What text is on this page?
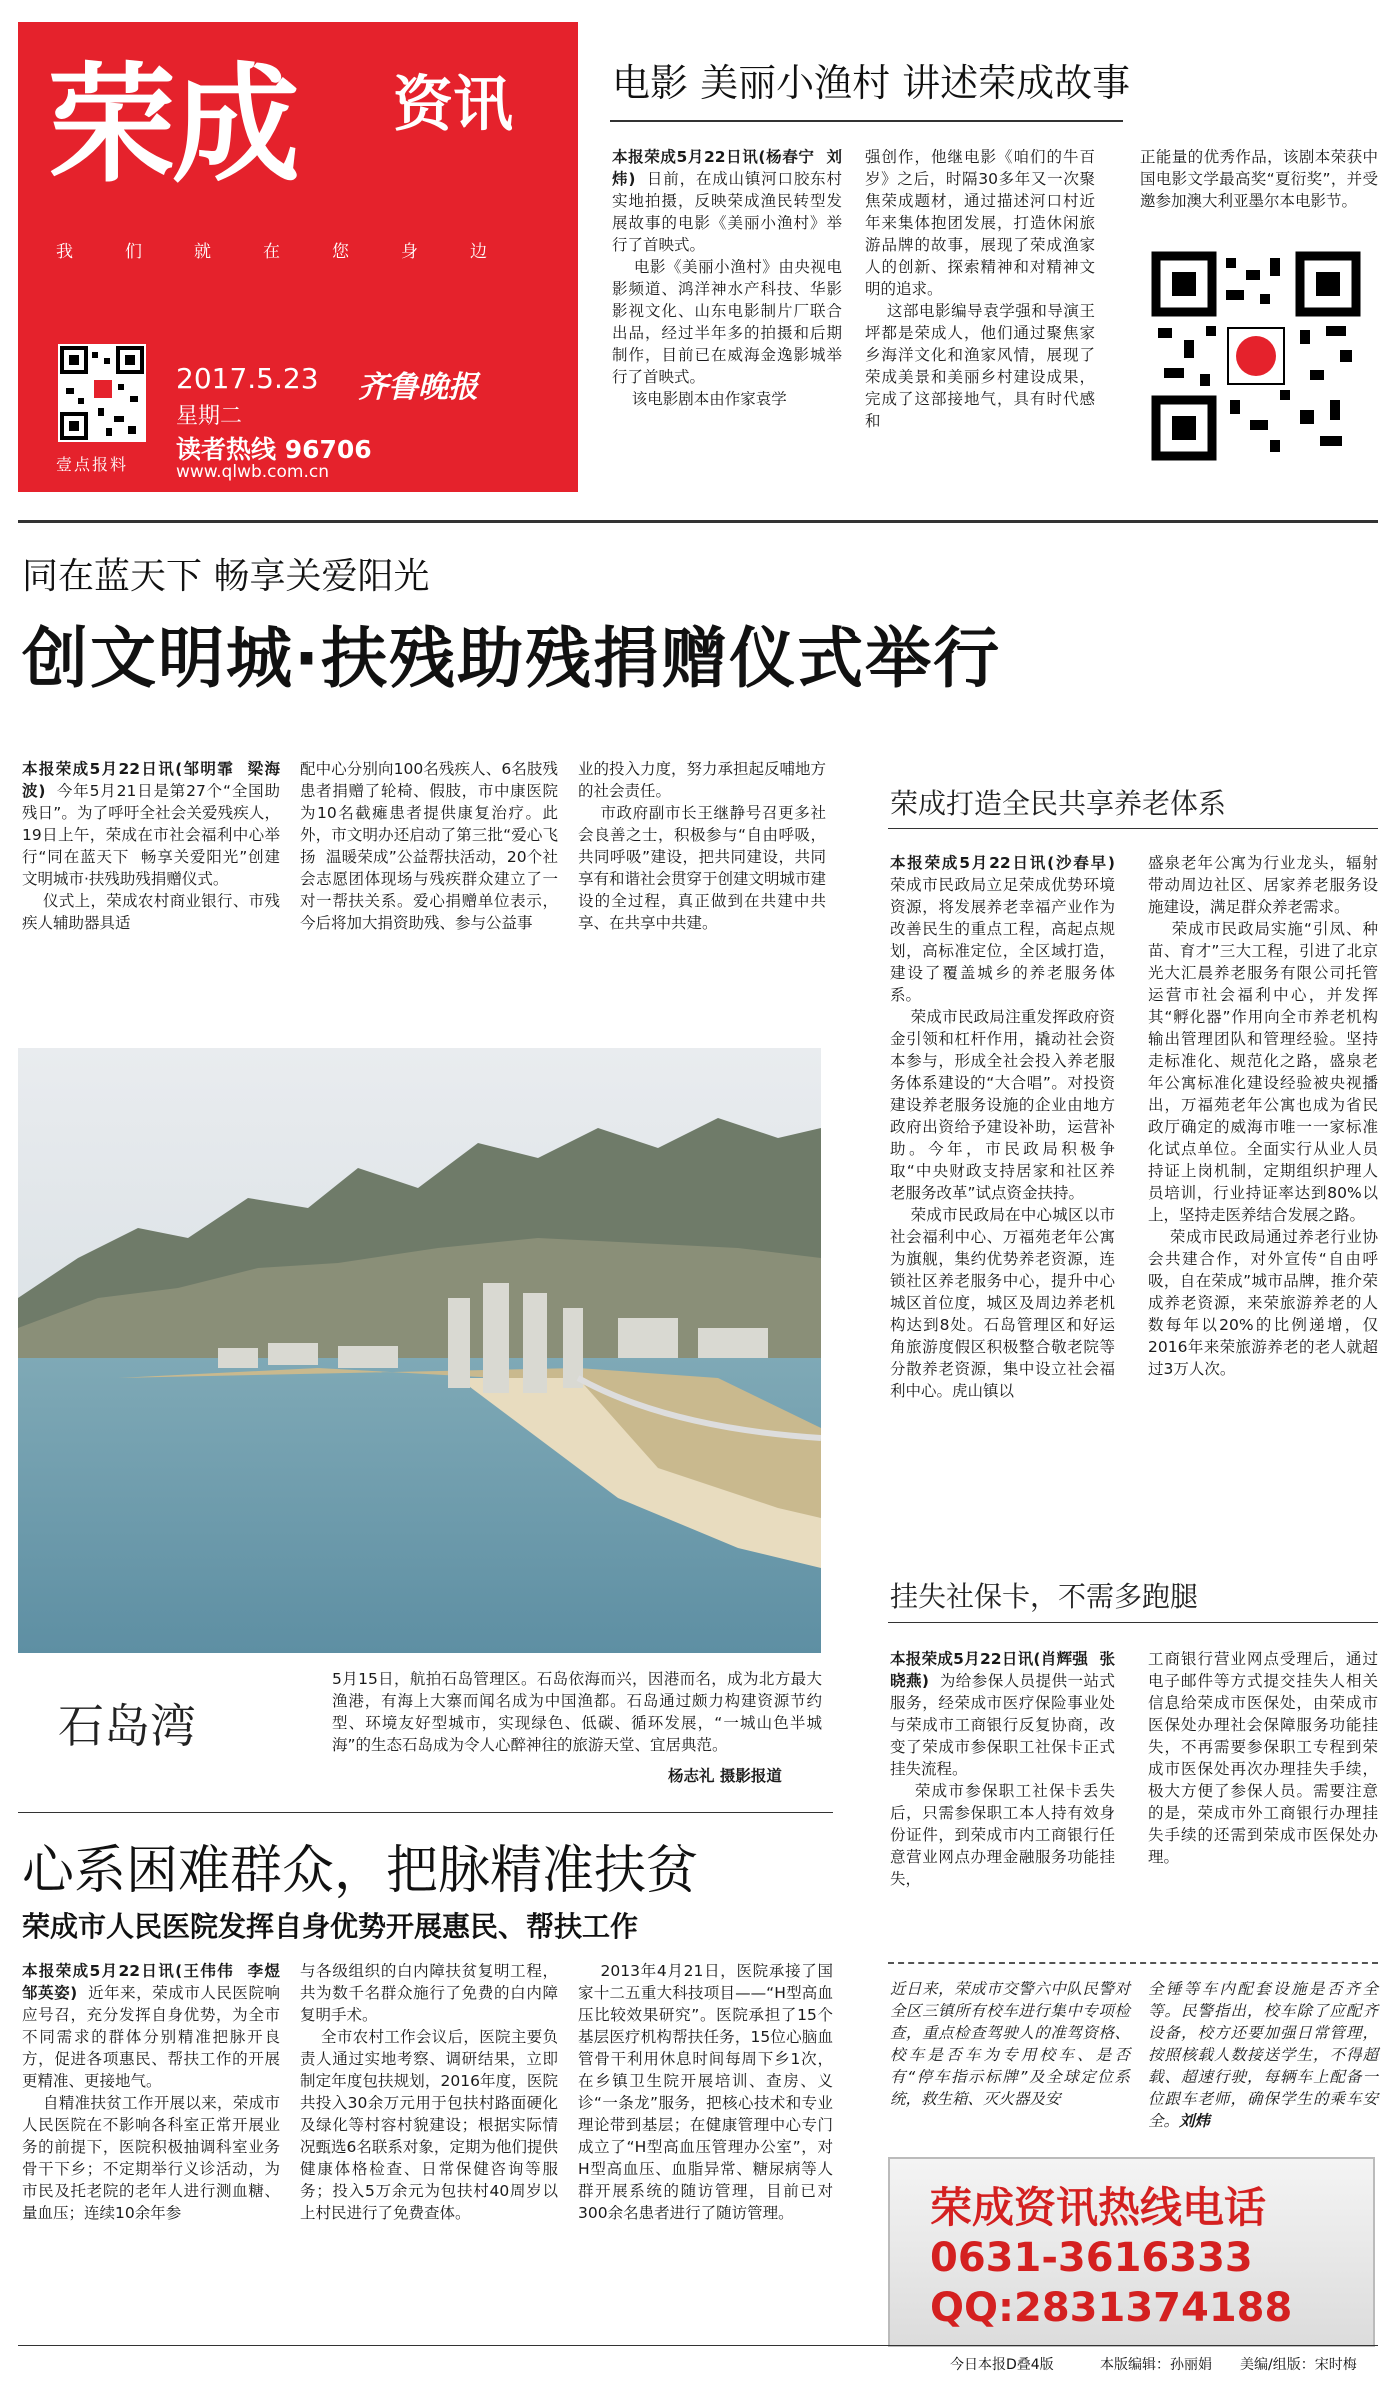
荣成 资讯
我们就在您身边
壹点报料
2017.5.23
星期二
齐鲁晚报
读者热线 96706
www.qlwb.com.cn
电影 美丽小渔村 讲述荣成故事
本报荣成5月22日讯(杨春宁  刘炜)  日前，在成山镇河口胶东村实地拍摄，反映荣成渔民转型发展故事的电影《美丽小渔村》举行了首映式。
电影《美丽小渔村》由央视电影频道、鸿洋神水产科技、华影影视文化、山东电影制片厂联合出品，经过半年多的拍摄和后期制作，目前已在威海金逸影城举行了首映式。
该电影剧本由作家袁学
强创作，他继电影《咱们的牛百岁》之后，时隔30多年又一次聚焦荣成题材，通过描述河口村近年来集体抱团发展，打造休闲旅游品牌的故事，展现了荣成渔家人的创新、探索精神和对精神文明的追求。
这部电影编导袁学强和导演王坪都是荣成人，他们通过聚焦家乡海洋文化和渔家风情，展现了荣成美景和美丽乡村建设成果，完成了这部接地气，具有时代感和
正能量的优秀作品，该剧本荣获中国电影文学最高奖“夏衍奖”，并受邀参加澳大利亚墨尔本电影节。
同在蓝天下 畅享关爱阳光
创文明城·扶残助残捐赠仪式举行
本报荣成5月22日讯(邹明霏  梁海波)  今年5月21日是第27个“全国助残日”。为了呼吁全社会关爱残疾人，19日上午，荣成在市社会福利中心举行“同在蓝天下  畅享关爱阳光”创建文明城市·扶残助残捐赠仪式。
仪式上，荣成农村商业银行、市残疾人辅助器具适
配中心分别向100名残疾人、6名肢残患者捐赠了轮椅、假肢，市中康医院为10名截瘫患者提供康复治疗。此外，市文明办还启动了第三批“爱心飞扬  温暖荣成”公益帮扶活动，20个社会志愿团体现场与残疾群众建立了一对一帮扶关系。爱心捐赠单位表示，今后将加大捐资助残、参与公益事
业的投入力度，努力承担起反哺地方的社会责任。
市政府副市长王继静号召更多社会良善之士，积极参与“自由呼吸，共同呼吸”建设，把共同建设，共同享有和谐社会贯穿于创建文明城市建设的全过程，真正做到在共建中共享、在共享中共建。
石岛湾
5月15日，航拍石岛管理区。石岛依海而兴，因港而名，成为北方最大渔港，有海上大寨而闻名成为中国渔都。石岛通过颇力构建资源节约型、环境友好型城市，实现绿色、低碳、循环发展，“一城山色半城海”的生态石岛成为令人心醉神往的旅游天堂、宜居典范。
杨志礼 摄影报道
荣成打造全民共享养老体系
本报荣成5月22日讯(沙春早)  荣成市民政局立足荣成优势环境资源，将发展养老幸福产业作为改善民生的重点工程，高起点规划，高标准定位，全区域打造，建设了覆盖城乡的养老服务体系。
荣成市民政局注重发挥政府资金引领和杠杆作用，撬动社会资本参与，形成全社会投入养老服务体系建设的“大合唱”。对投资建设养老服务设施的企业由地方政府出资给予建设补助，运营补助。今年，市民政局积极争取“中央财政支持居家和社区养老服务改革”试点资金扶持。
荣成市民政局在中心城区以市社会福利中心、万福苑老年公寓为旗舰，集约优势养老资源，连锁社区养老服务中心，提升中心城区首位度，城区及周边养老机构达到8处。石岛管理区和好运角旅游度假区积极整合敬老院等分散养老资源，集中设立社会福利中心。虎山镇以
盛泉老年公寓为行业龙头，辐射带动周边社区、居家养老服务设施建设，满足群众养老需求。
荣成市民政局实施“引凤、种苗、育才”三大工程，引进了北京光大汇晨养老服务有限公司托管运营市社会福利中心，并发挥其“孵化器”作用向全市养老机构输出管理团队和管理经验。坚持走标准化、规范化之路，盛泉老年公寓标准化建设经验被央视播出，万福苑老年公寓也成为省民政厅确定的威海市唯一一家标准化试点单位。全面实行从业人员持证上岗机制，定期组织护理人员培训，行业持证率达到80%以上，坚持走医养结合发展之路。
荣成市民政局通过养老行业协会共建合作，对外宣传“自由呼吸，自在荣成”城市品牌，推介荣成养老资源，来荣旅游养老的人数每年以20%的比例递增，仅2016年来荣旅游养老的老人就超过3万人次。
挂失社保卡，不需多跑腿
本报荣成5月22日讯(肖辉强  张晓燕)  为给参保人员提供一站式服务，经荣成市医疗保险事业处与荣成市工商银行反复协商，改变了荣成市参保职工社保卡正式挂失流程。
荣成市参保职工社保卡丢失后，只需参保职工本人持有效身份证件，到荣成市内工商银行任意营业网点办理金融服务功能挂失，
工商银行营业网点受理后，通过电子邮件等方式提交挂失人相关信息给荣成市医保处，由荣成市医保处办理社会保障服务功能挂失，不再需要参保职工专程到荣成市医保处再次办理挂失手续，极大方便了参保人员。需要注意的是，荣成市外工商银行办理挂失手续的还需到荣成市医保处办理。
近日来，荣成市交警六中队民警对全区三镇所有校车进行集中专项检查，重点检查驾驶人的准驾资格、校车是否车为专用校车、是否有“停车指示标牌”及全球定位系统，救生箱、灭火器及安
全锤等车内配套设施是否齐全等。民警指出，校车除了应配齐设备，校方还要加强日常管理，按照核载人数接送学生，不得超载、超速行驶，每辆车上配备一位跟车老师，确保学生的乘车安全。刘炜
荣成资讯热线电话
0631-3616333
QQ:2831374188
心系困难群众，把脉精准扶贫
荣成市人民医院发挥自身优势开展惠民、帮扶工作
本报荣成5月22日讯(王伟伟  李煜  邹英姿)  近年来，荣成市人民医院响应号召，充分发挥自身优势，为全市不同需求的群体分别精准把脉开良方，促进各项惠民、帮扶工作的开展更精准、更接地气。
自精准扶贫工作开展以来，荣成市人民医院在不影响各科室正常开展业务的前提下，医院积极抽调科室业务骨干下乡；不定期举行义诊活动，为市民及托老院的老年人进行测血糖、量血压；连续10余年参
与各级组织的白内障扶贫复明工程，共为数千名群众施行了免费的白内障复明手术。
全市农村工作会议后，医院主要负责人通过实地考察、调研结果，立即制定年度包扶规划，2016年度，医院共投入30余万元用于包扶村路面硬化及绿化等村容村貌建设；根据实际情况甄选6名联系对象，定期为他们提供健康体格检查、日常保健咨询等服务；投入5万余元为包扶村40周岁以上村民进行了免费查体。
2013年4月21日，医院承接了国家十二五重大科技项目——“H型高血压比较效果研究”。医院承担了15个基层医疗机构帮扶任务，15位心脑血管骨干利用休息时间每周下乡1次，在乡镇卫生院开展培训、查房、义诊“一条龙”服务，把核心技术和专业理论带到基层；在健康管理中心专门成立了“H型高血压管理办公室”，对H型高血压、血脂异常、糖尿病等人群开展系统的随访管理，目前已对300余名患者进行了随访管理。
今日本报D叠4版	本版编辑：孙丽娟 美编/组版：宋时梅
